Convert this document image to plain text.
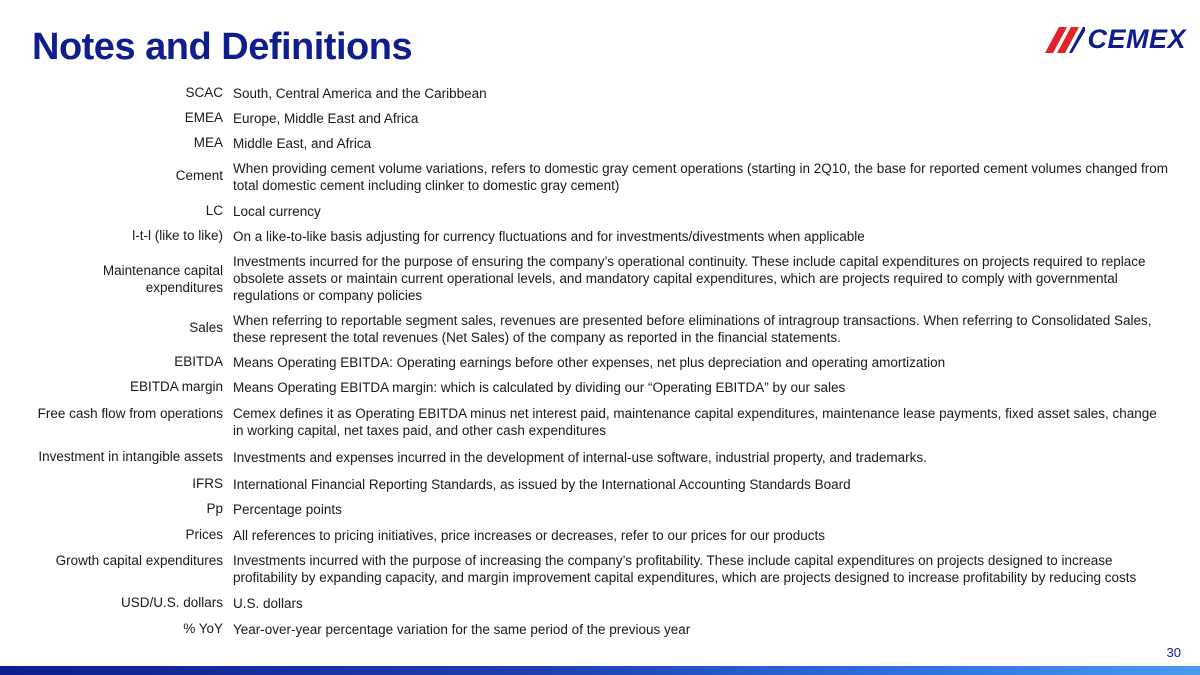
Notes and Definitions	CEMEX
SCAC South, Central America and the Caribbean
EMEA Europe, Middle East and Africa
MEA Middle East, and Africa
Cement When providing cement volume variations, refers to domestic gray cement operations (starting in 2Q10, the base for reported cement volumes changed from total domestic cement including clinker to domestic gray cement)
LC Local currency
l-t-l (like to like) On a like-to-like basis adjusting for currency fluctuations and for investments/divestments when applicable
Maintenance capital expenditures
Investments incurred for the purpose of ensuring the company’s operational continuity. These include capital expenditures on projects required to replace obsolete assets or maintain current operational levels, and mandatory capital expenditures, which are projects required to comply with governmental regulations or company policies
Sales When referring to reportable segment sales, revenues are presented before eliminations of intragroup transactions. When referring to Consolidated Sales, these represent the total revenues (Net Sales) of the company as reported in the financial statements.
EBITDA Means Operating EBITDA: Operating earnings before other expenses, net plus depreciation and operating amortization
EBITDA margin Means Operating EBITDA margin: which is calculated by dividing our “Operating EBITDA” by our sales
Free cash flow from operations Cemex defines it as Operating EBITDA minus net interest paid, maintenance capital expenditures, maintenance lease payments, fixed asset sales, change in working capital, net taxes paid, and other cash expenditures
Investment in intangible assets Investments and expenses incurred in the development of internal-use software, industrial property, and trademarks.
IFRS International Financial Reporting Standards, as issued by the International Accounting Standards Board
Pp Percentage points
Prices All references to pricing initiatives, price increases or decreases, refer to our prices for our products
Growth capital expenditures Investments incurred with the purpose of increasing the company’s profitability. These include capital expenditures on projects designed to increase profitability by expanding capacity, and margin improvement capital expenditures, which are projects designed to increase profitability by reducing costs
USD/U.S. dollars U.S. dollars
% YoY Year-over-year percentage variation for the same period of the previous year
30
